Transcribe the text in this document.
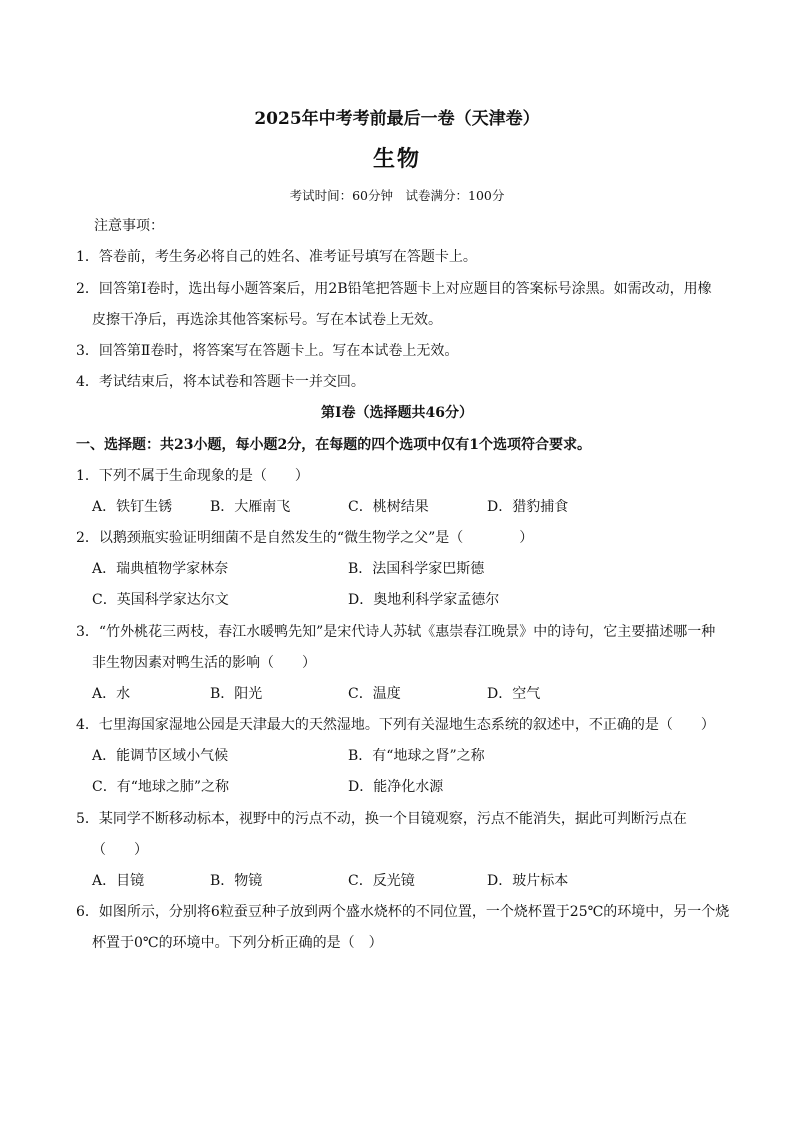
2025年中考考前最后一卷（天津卷）
生物
考试时间：60分钟　试卷满分：100分
注意事项：
1．答卷前，考生务必将自己的姓名、准考证号填写在答题卡上。
2．回答第Ⅰ卷时，选出每小题答案后，用2B铅笔把答题卡上对应题目的答案标号涂黑。如需改动，用橡
皮擦干净后，再选涂其他答案标号。写在本试卷上无效。
3．回答第Ⅱ卷时，将答案写在答题卡上。写在本试卷上无效。
4．考试结束后，将本试卷和答题卡一并交回。
第Ⅰ卷（选择题共46分）
一、选择题：共23小题，每小题2分，在每题的四个选项中仅有1个选项符合要求。
1．下列不属于生命现象的是（　　）
A．铁钉生锈	B．大雁南飞	C．桃树结果	D．猎豹捕食
2．以鹅颈瓶实验证明细菌不是自然发生的“微生物学之父”是（　　　　）
A．瑞典植物学家林奈	B．法国科学家巴斯德
C．英国科学家达尔文	D．奥地利科学家孟德尔
3．“竹外桃花三两枝，春江水暖鸭先知”是宋代诗人苏轼《惠崇春江晚景》中的诗句，它主要描述哪一种
非生物因素对鸭生活的影响（　　）
A．水	B．阳光	C．温度	D．空气
4．七里海国家湿地公园是天津最大的天然湿地。下列有关湿地生态系统的叙述中，不正确的是（　　）
A．能调节区域小气候	B．有“地球之肾”之称
C．有“地球之肺”之称	D．能净化水源
5．某同学不断移动标本，视野中的污点不动，换一个目镜观察，污点不能消失，据此可判断污点在
（　　）
A．目镜	B．物镜	C．反光镜	D．玻片标本
6．如图所示，分别将6粒蚕豆种子放到两个盛水烧杯的不同位置，一个烧杯置于25℃的环境中，另一个烧
杯置于0℃的环境中。下列分析正确的是（　）
